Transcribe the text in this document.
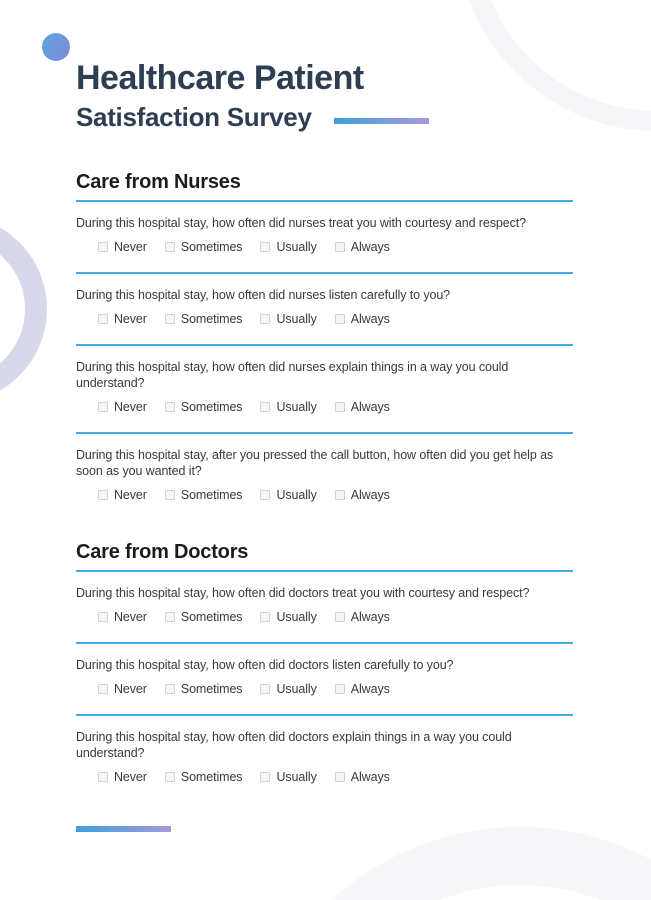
Healthcare Patient
Satisfaction Survey
Care from Nurses
During this hospital stay, how often did nurses treat you with courtesy and respect?
Never	Sometimes	Usually	Always
During this hospital stay, how often did nurses listen carefully to you?
Never	Sometimes	Usually	Always
During this hospital stay, how often did nurses explain things in a way you could understand?
Never	Sometimes	Usually	Always
During this hospital stay, after you pressed the call button, how often did you get help as soon as you wanted it?
Never	Sometimes	Usually	Always
Care from Doctors
During this hospital stay, how often did doctors treat you with courtesy and respect?
Never	Sometimes	Usually	Always
During this hospital stay, how often did doctors listen carefully to you?
Never	Sometimes	Usually	Always
During this hospital stay, how often did doctors explain things in a way you could understand?
Never	Sometimes	Usually	Always
